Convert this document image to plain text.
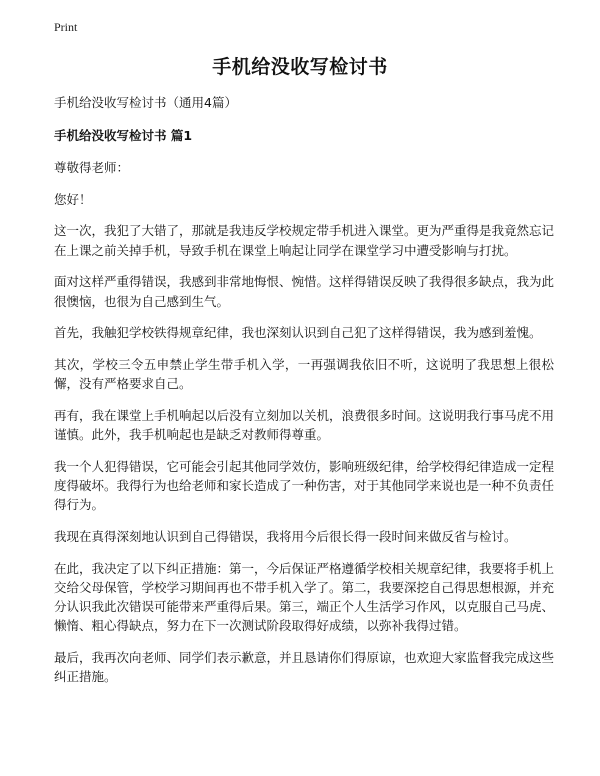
Print
手机给没收写检讨书

手机给没收写检讨书（通用4篇）

手机给没收写检讨书 篇1

尊敬得老师：

您好！

这一次，我犯了大错了，那就是我违反学校规定带手机进入课堂。更为严重得是我竟然忘记在上课之前关掉手机，导致手机在课堂上响起让同学在课堂学习中遭受影响与打扰。

面对这样严重得错误，我感到非常地悔恨、惋惜。这样得错误反映了我得很多缺点，我为此很懊恼，也很为自己感到生气。

首先，我触犯学校铁得规章纪律，我也深刻认识到自己犯了这样得错误，我为感到羞愧。

其次，学校三令五申禁止学生带手机入学，一再强调我依旧不听，这说明了我思想上很松懈，没有严格要求自己。

再有，我在课堂上手机响起以后没有立刻加以关机，浪费很多时间。这说明我行事马虎不用谨慎。此外，我手机响起也是缺乏对教师得尊重。

我一个人犯得错误，它可能会引起其他同学效仿，影响班级纪律，给学校得纪律造成一定程度得破坏。我得行为也给老师和家长造成了一种伤害，对于其他同学来说也是一种不负责任得行为。

我现在真得深刻地认识到自己得错误，我将用今后很长得一段时间来做反省与检讨。

在此，我决定了以下纠正措施：第一，今后保证严格遵循学校相关规章纪律，我要将手机上交给父母保管，学校学习期间再也不带手机入学了。第二，我要深挖自己得思想根源，并充分认识我此次错误可能带来严重得后果。第三，端正个人生活学习作风，以克服自己马虎、懒惰、粗心得缺点，努力在下一次测试阶段取得好成绩，以弥补我得过错。

最后，我再次向老师、同学们表示歉意，并且恳请你们得原谅，也欢迎大家监督我完成这些纠正措施。
